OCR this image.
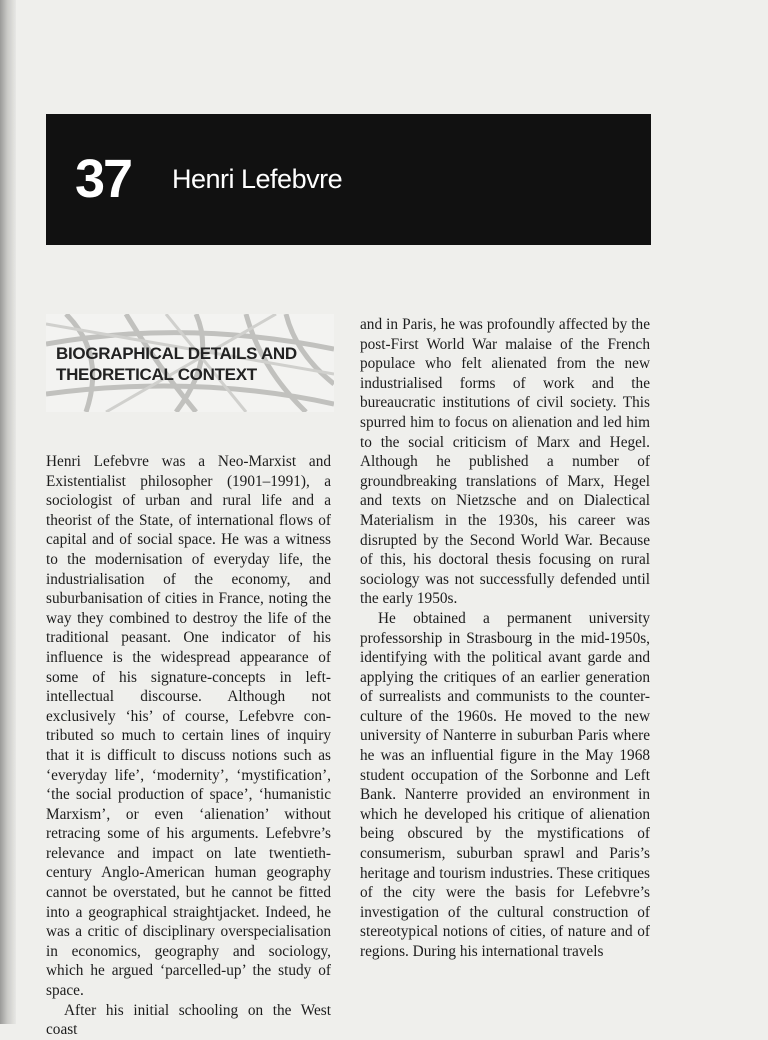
37 Henri Lefebvre
BIOGRAPHICAL DETAILS AND
THEORETICAL CONTEXT

Henri Lefebvre was a Neo-Marxist and Existentialist philosopher (1901–1991), a sociologist of urban and rural life and a theorist of the State, of international flows of capital and of social space. He was a witness to the modernisation of everyday life, the industrialisation of the economy, and suburbanisation of cities in France, noting the way they combined to destroy the life of the traditional peasant. One indicator of his influence is the widespread appearance of some of his signature-concepts in left-intellectual discourse. Although not exclusively ‘his’ of course, Lefebvre contributed so much to certain lines of inquiry that it is difficult to discuss notions such as ‘everyday life’, ‘modernity’, ‘mystification’, ‘the social production of space’, ‘humanistic Marxism’, or even ‘alienation’ without retracing some of his arguments. Lefebvre’s relevance and impact on late twentieth-century Anglo-American human geography cannot be overstated, but he cannot be fitted into a geographical straightjacket. Indeed, he was a critic of disciplinary overspecialisation in economics, geography and sociology, which he argued ‘parcelled-up’ the study of space.

After his initial schooling on the West coast

and in Paris, he was profoundly affected by the post-First World War malaise of the French populace who felt alienated from the new industrialised forms of work and the bureaucratic institutions of civil society. This spurred him to focus on alienation and led him to the social criticism of Marx and Hegel. Although he published a number of groundbreaking translations of Marx, Hegel and texts on Nietzsche and on Dialectical Materialism in the 1930s, his career was disrupted by the Second World War. Because of this, his doctoral thesis focusing on rural sociology was not successfully defended until the early 1950s.

He obtained a permanent university professorship in Strasbourg in the mid-1950s, identifying with the political avant garde and applying the critiques of an earlier generation of surrealists and communists to the counter-culture of the 1960s. He moved to the new university of Nanterre in suburban Paris where he was an influential figure in the May 1968 student occupation of the Sorbonne and Left Bank. Nanterre provided an environment in which he developed his critique of alienation being obscured by the mystifications of consumerism, suburban sprawl and Paris’s heritage and tourism industries. These critiques of the city were the basis for Lefebvre’s investigation of the cultural construction of stereotypical notions of cities, of nature and of regions. During his international travels
